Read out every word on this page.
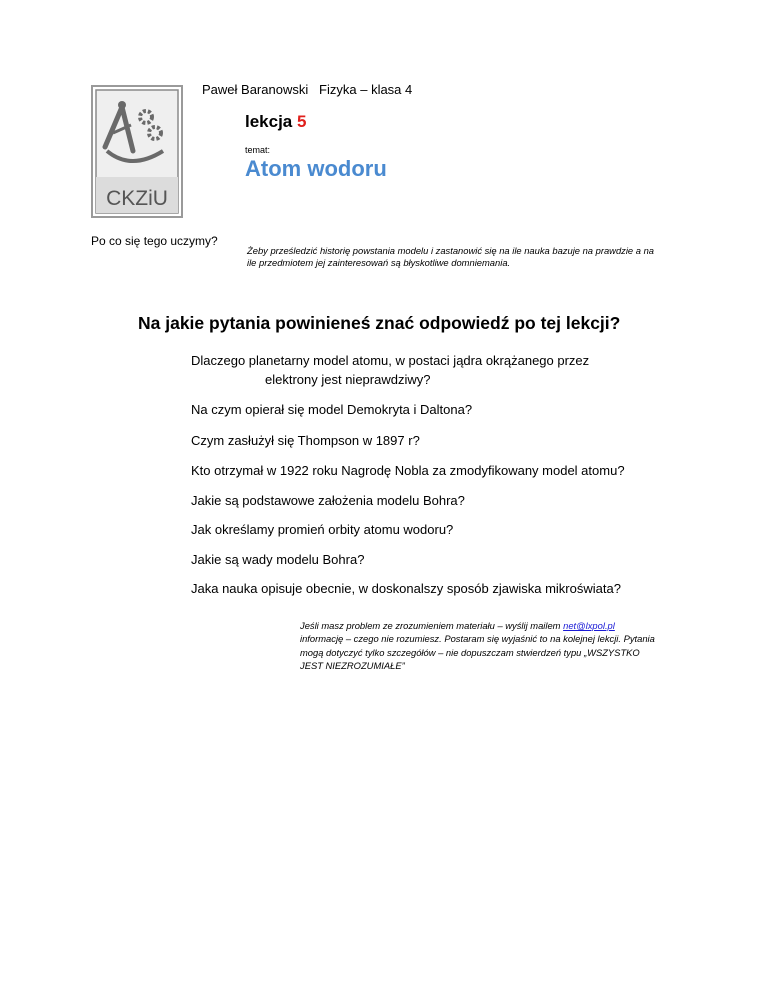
Paweł Baranowski   Fizyka – klasa 4
CKZiU
lekcja 5
temat:
Atom wodoru
Po co się tego uczymy?
Żeby prześledzić historię powstania modelu i zastanowić się na ile nauka bazuje na prawdzie a na ile przedmiotem jej zainteresowań są błyskotliwe domniemania.
Na jakie pytania powinieneś znać odpowiedź po tej lekcji?
Dlaczego planetarny model atomu, w postaci jądra okrążanego przez
elektrony jest nieprawdziwy?
Na czym opierał się model Demokryta i Daltona?
Czym zasłużył się Thompson w 1897 r?
Kto otrzymał w 1922 roku Nagrodę Nobla za zmodyfikowany model atomu?
Jakie są podstawowe założenia modelu Bohra?
Jak określamy promień orbity atomu wodoru?
Jakie są wady modelu Bohra?
Jaka nauka opisuje obecnie, w doskonalszy sposób zjawiska mikroświata?
Jeśli masz problem ze zrozumieniem materiału – wyślij mailem net@lxpol.pl informację – czego nie rozumiesz. Postaram się wyjaśnić to na kolejnej lekcji. Pytania mogą dotyczyć tylko szczegółów – nie dopuszczam stwierdzeń typu „WSZYSTKO JEST NIEZROZUMIAŁE”
